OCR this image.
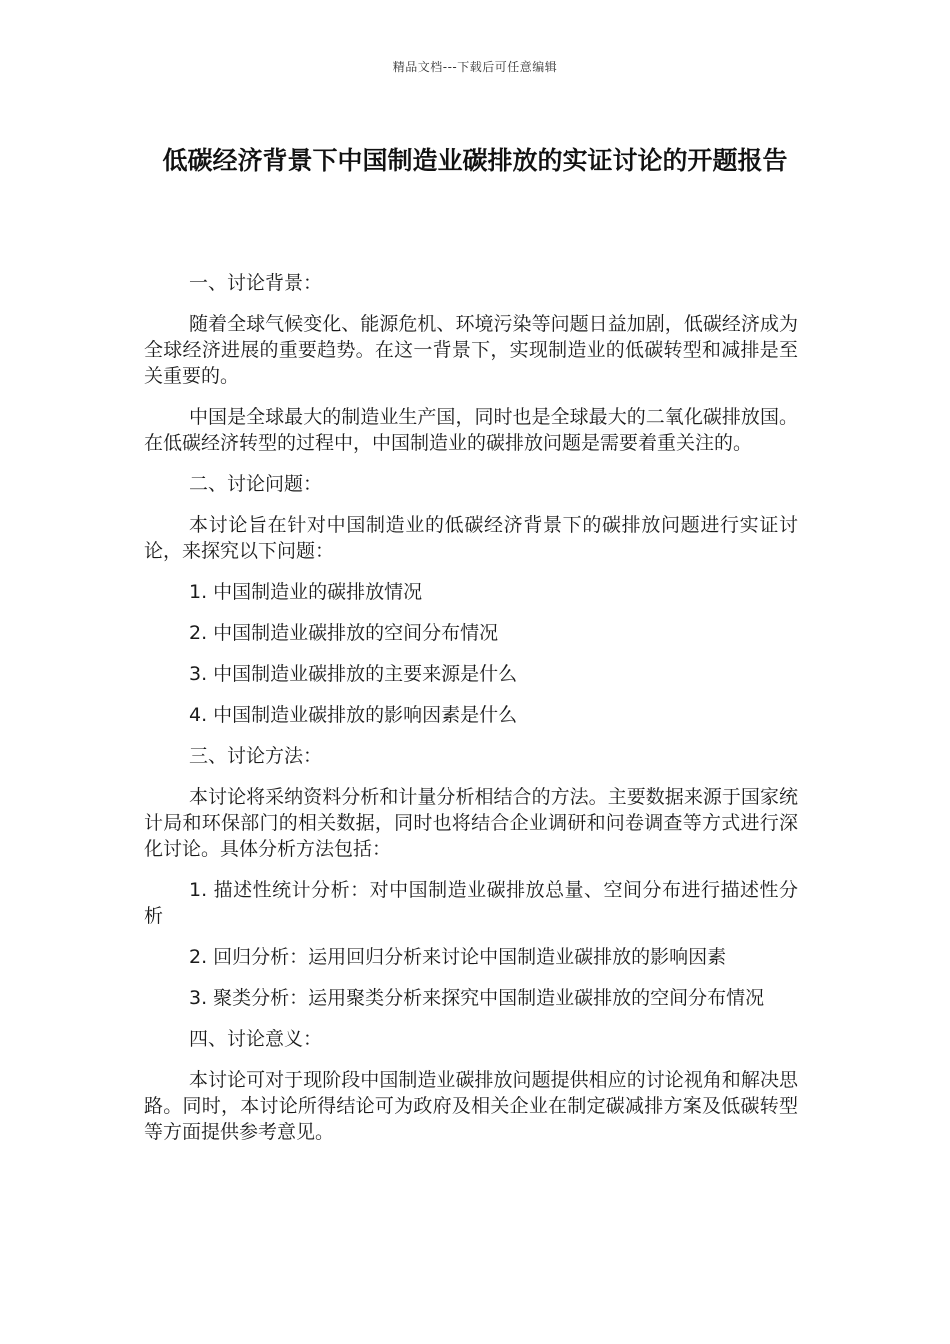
精品文档---下载后可任意编辑
低碳经济背景下中国制造业碳排放的实证讨论的开题报告

一、讨论背景：

随着全球气候变化、能源危机、环境污染等问题日益加剧，低碳经济成为全球经济进展的重要趋势。在这一背景下，实现制造业的低碳转型和减排是至关重要的。

中国是全球最大的制造业生产国，同时也是全球最大的二氧化碳排放国。在低碳经济转型的过程中，中国制造业的碳排放问题是需要着重关注的。

二、讨论问题：

本讨论旨在针对中国制造业的低碳经济背景下的碳排放问题进行实证讨论，来探究以下问题：

1. 中国制造业的碳排放情况

2. 中国制造业碳排放的空间分布情况

3. 中国制造业碳排放的主要来源是什么

4. 中国制造业碳排放的影响因素是什么

三、讨论方法：

本讨论将采纳资料分析和计量分析相结合的方法。主要数据来源于国家统计局和环保部门的相关数据，同时也将结合企业调研和问卷调查等方式进行深化讨论。具体分析方法包括：

1. 描述性统计分析：对中国制造业碳排放总量、空间分布进行描述性分析

2. 回归分析：运用回归分析来讨论中国制造业碳排放的影响因素

3. 聚类分析：运用聚类分析来探究中国制造业碳排放的空间分布情况

四、讨论意义：

本讨论可对于现阶段中国制造业碳排放问题提供相应的讨论视角和解决思路。同时，本讨论所得结论可为政府及相关企业在制定碳减排方案及低碳转型等方面提供参考意见。
